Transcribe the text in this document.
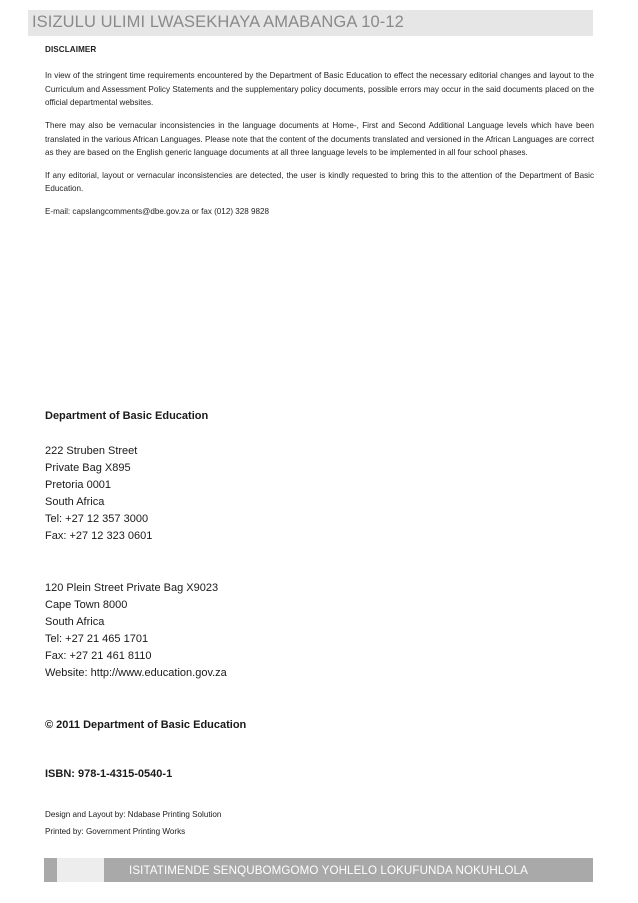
ISIZULU ULIMI LWASEKHAYA AMABANGA 10-12
DISCLAIMER

In view of the stringent time requirements encountered by the Department of Basic Education to effect the necessary editorial changes and layout to the Curriculum and Assessment Policy Statements and the supplementary policy documents, possible errors may occur in the said documents placed on the official departmental websites.

There may also be vernacular inconsistencies in the language documents at Home-, First and Second Additional Language levels which have been translated in the various African Languages. Please note that the content of the documents translated and versioned in the African Languages are correct as they are based on the English generic language documents at all three language levels to be implemented in all four school phases.

If any editorial, layout or vernacular inconsistencies are detected, the user is kindly requested to bring this to the attention of the Department of Basic Education.

E-mail: capslangcomments@dbe.gov.za or fax (012) 328 9828

Department of Basic Education
222 Struben Street
Private Bag X895
Pretoria 0001
South Africa
Tel: +27 12 357 3000
Fax: +27 12 323 0601
120 Plein Street Private Bag X9023
Cape Town 8000
South Africa
Tel: +27 21 465 1701
Fax: +27 21 461 8110
Website: http://www.education.gov.za
© 2011 Department of Basic Education
ISBN: 978-1-4315-0540-1
Design and Layout by: Ndabase Printing Solution
Printed by: Government Printing Works
ISITATIMENDE SENQUBOMGOMO YOHLELO LOKUFUNDA NOKUHLOLA
